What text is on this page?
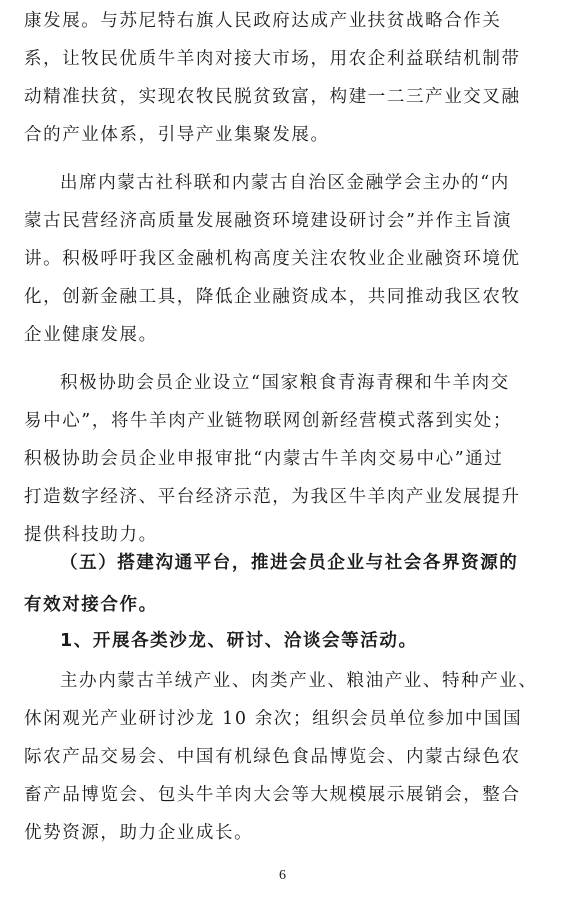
康发展。与苏尼特右旗人民政府达成产业扶贫战略合作关
系，让牧民优质牛羊肉对接大市场，用农企利益联结机制带
动精准扶贫，实现农牧民脱贫致富，构建一二三产业交叉融
合的产业体系，引导产业集聚发展。
出席内蒙古社科联和内蒙古自治区金融学会主办的“内
蒙古民营经济高质量发展融资环境建设研讨会”并作主旨演
讲。积极呼吁我区金融机构高度关注农牧业企业融资环境优
化，创新金融工具，降低企业融资成本，共同推动我区农牧
企业健康发展。
积极协助会员企业设立“国家粮食青海青稞和牛羊肉交
易中心”，将牛羊肉产业链物联网创新经营模式落到实处；
积极协助会员企业申报审批“内蒙古牛羊肉交易中心”通过
打造数字经济、平台经济示范，为我区牛羊肉产业发展提升
提供科技助力。
（五）搭建沟通平台，推进会员企业与社会各界资源的
有效对接合作。
1、开展各类沙龙、研讨、洽谈会等活动。
主办内蒙古羊绒产业、肉类产业、粮油产业、特种产业、
休闲观光产业研讨沙龙 10 余次；组织会员单位参加中国国
际农产品交易会、中国有机绿色食品博览会、内蒙古绿色农
畜产品博览会、包头牛羊肉大会等大规模展示展销会，整合
优势资源，助力企业成长。
6
